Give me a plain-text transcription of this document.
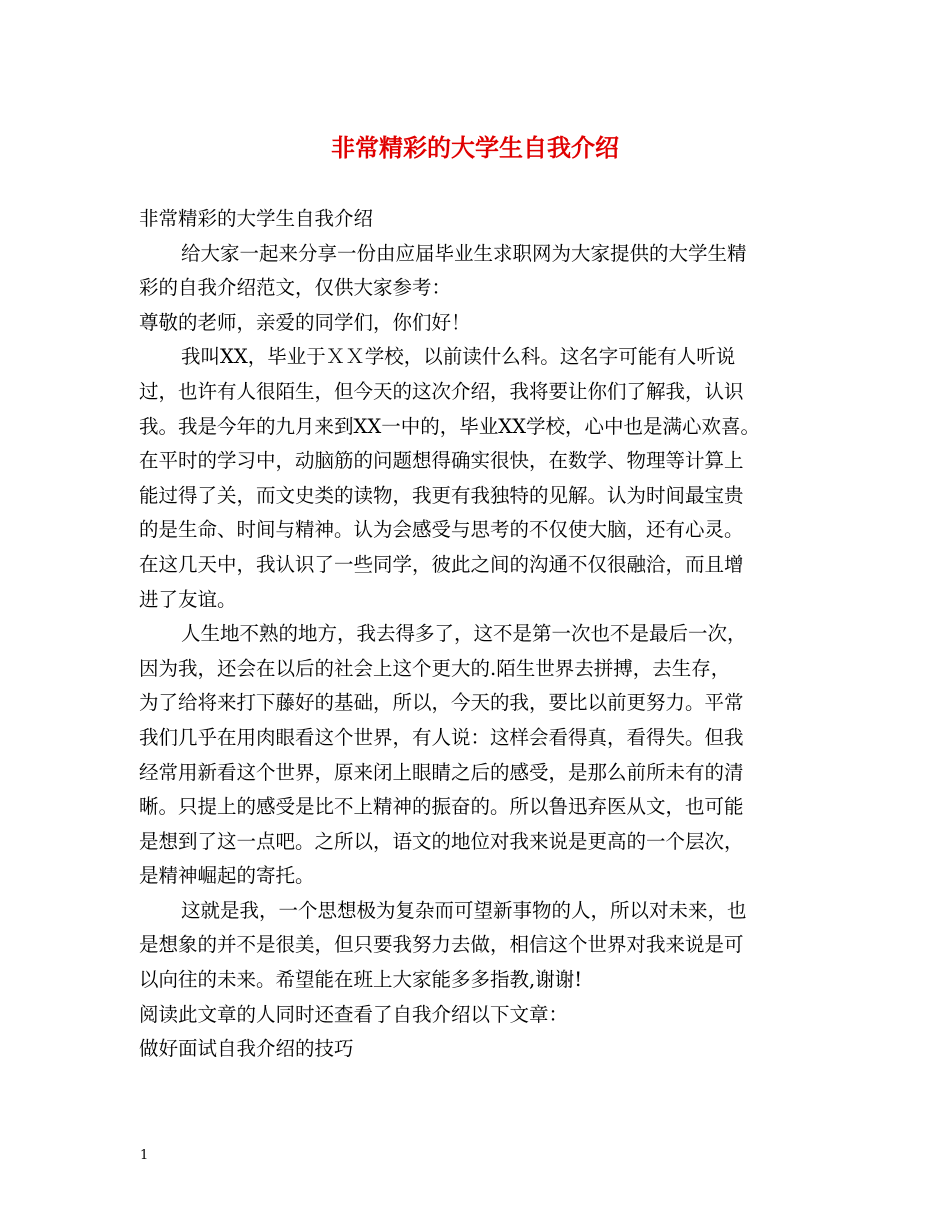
非常精彩的大学生自我介绍
非常精彩的大学生自我介绍
给大家一起来分享一份由应届毕业生求职网为大家提供的大学生精
彩的自我介绍范文，仅供大家参考：
尊敬的老师，亲爱的同学们，你们好！
我叫XX，毕业于ＸＸ学校，以前读什么科。这名字可能有人听说
过，也许有人很陌生，但今天的这次介绍，我将要让你们了解我，认识
我。我是今年的九月来到XX一中的，毕业XX学校，心中也是满心欢喜。
在平时的学习中，动脑筋的问题想得确实很快，在数学、物理等计算上
能过得了关，而文史类的读物，我更有我独特的见解。认为时间最宝贵
的是生命、时间与精神。认为会感受与思考的不仅使大脑，还有心灵。
在这几天中，我认识了一些同学，彼此之间的沟通不仅很融洽，而且增
进了友谊。
人生地不熟的地方，我去得多了，这不是第一次也不是最后一次，
因为我，还会在以后的社会上这个更大的.陌生世界去拼搏，去生存，
为了给将来打下藤好的基础，所以，今天的我，要比以前更努力。平常
我们几乎在用肉眼看这个世界，有人说：这样会看得真，看得失。但我
经常用新看这个世界，原来闭上眼睛之后的感受，是那么前所未有的清
晰。只提上的感受是比不上精神的振奋的。所以鲁迅弃医从文，也可能
是想到了这一点吧。之所以，语文的地位对我来说是更高的一个层次，
是精神崛起的寄托。
这就是我，一个思想极为复杂而可望新事物的人，所以对未来，也
是想象的并不是很美，但只要我努力去做，相信这个世界对我来说是可
以向往的未来。希望能在班上大家能多多指教,谢谢!
阅读此文章的人同时还查看了自我介绍以下文章：
做好面试自我介绍的技巧
1
